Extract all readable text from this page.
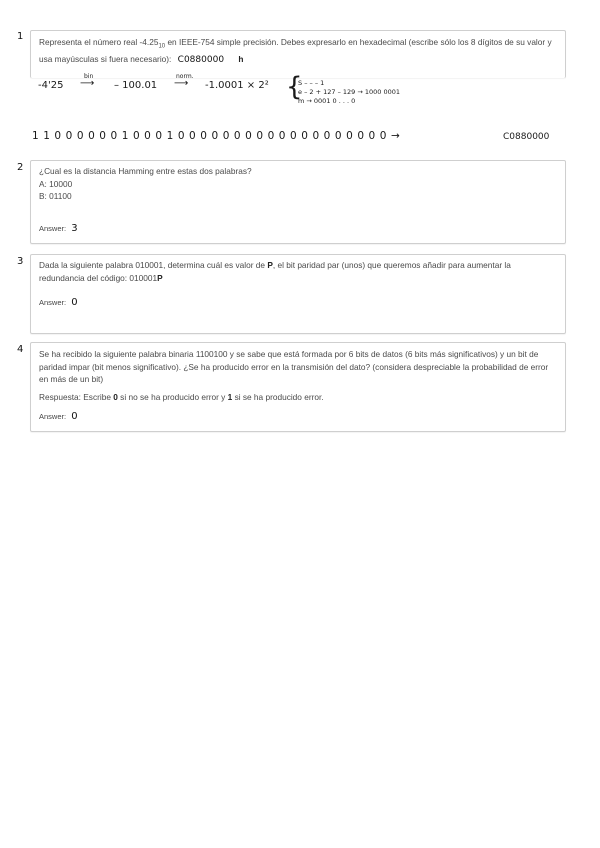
1
2
3
4
Representa el número real $-4.25_{10}$ en IEEE-754 simple precisión. Debes expresarlo en hexadecimal (escribe sólo los 8 dígitos de su valor y usa mayúsculas si fuera necesario): C0880000 h
-4'25
bin
⟶ – 100.01
norm.
⟶ -1.0001 × 2² {
S – – – 1
e – 2 + 127 – 129 → 1000 0001
m → 0001 0 . . . 0
1 1 0 0 0 0 0 0 1 0 0 0 1 0 0 0 0 0 0 0 0 0 0 0 0 0 0 0 0 0 0 0 →	C0880000
¿Cual es la distancia Hamming entre estas dos palabras?
A: 10000
B: 01100
Answer: 3
Dada la siguiente palabra 010001, determina cuál es valor de P, el bit paridad par (unos) que queremos añadir para aumentar la redundancia del código: 010001P
Answer: 0
Se ha recibido la siguiente palabra binaria 1100100 y se sabe que está formada por 6 bits de datos (6 bits más significativos) y un bit de paridad impar (bit menos significativo). ¿Se ha producido error en la transmisión del dato? (considera despreciable la probabilidad de error en más de un bit)
Respuesta: Escribe 0 si no se ha producido error y 1 si se ha producido error.
Answer: 0
